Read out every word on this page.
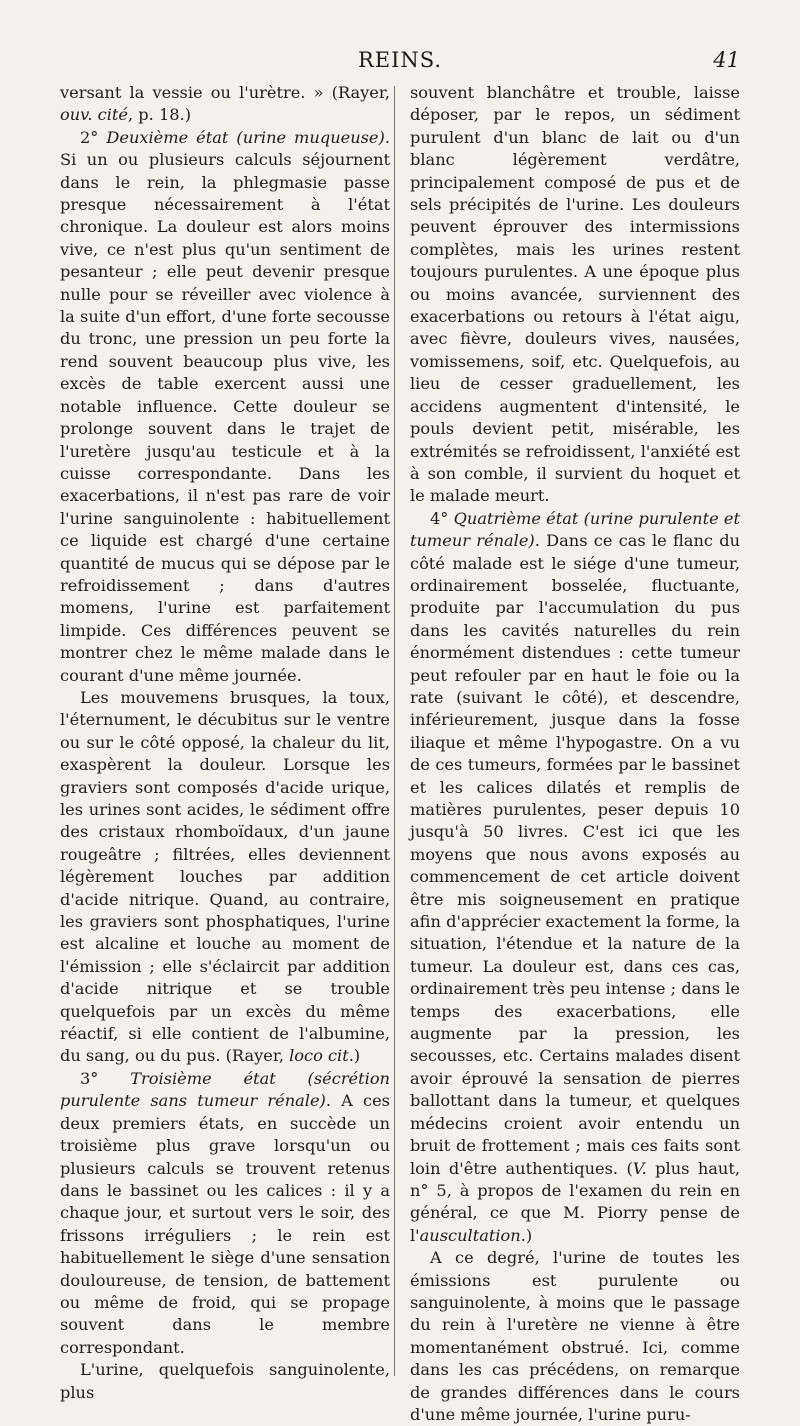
REINS.	41

versant la vessie ou l'urètre. » (Rayer, ouv. cité, p. 18.)

2° Deuxième état (urine muqueuse). Si un ou plusieurs calculs séjournent dans le rein, la phlegmasie passe presque nécessairement à l'état chronique. La douleur est alors moins vive, ce n'est plus qu'un sentiment de pesanteur ; elle peut devenir presque nulle pour se réveiller avec violence à la suite d'un effort, d'une forte secousse du tronc, une pression un peu forte la rend souvent beaucoup plus vive, les excès de table exercent aussi une notable influence. Cette douleur se prolonge souvent dans le trajet de l'uretère jusqu'au testicule et à la cuisse correspondante. Dans les exacerbations, il n'est pas rare de voir l'urine sanguinolente : habituellement ce liquide est chargé d'une certaine quantité de mucus qui se dépose par le refroidissement ; dans d'autres momens, l'urine est parfaitement limpide. Ces différences peuvent se montrer chez le même malade dans le courant d'une même journée.

Les mouvemens brusques, la toux, l'éternument, le décubitus sur le ventre ou sur le côté opposé, la chaleur du lit, exaspèrent la douleur. Lorsque les graviers sont composés d'acide urique, les urines sont acides, le sédiment offre des cristaux rhomboïdaux, d'un jaune rougeâtre ; filtrées, elles deviennent légèrement louches par addition d'acide nitrique. Quand, au contraire, les graviers sont phosphatiques, l'urine est alcaline et louche au moment de l'émission ; elle s'éclaircit par addition d'acide nitrique et se trouble quelquefois par un excès du même réactif, si elle contient de l'albumine, du sang, ou du pus. (Rayer, loco cit.)

3° Troisième état (sécrétion purulente sans tumeur rénale). A ces deux premiers états, en succède un troisième plus grave lorsqu'un ou plusieurs calculs se trouvent retenus dans le bassinet ou les calices : il y a chaque jour, et surtout vers le soir, des frissons irréguliers ; le rein est habituellement le siège d'une sensation douloureuse, de tension, de battement ou même de froid, qui se propage souvent dans le membre correspondant.

L'urine, quelquefois sanguinolente, plus

souvent blanchâtre et trouble, laisse déposer, par le repos, un sédiment purulent d'un blanc de lait ou d'un blanc légèrement verdâtre, principalement composé de pus et de sels précipités de l'urine. Les douleurs peuvent éprouver des intermissions complètes, mais les urines restent toujours purulentes. A une époque plus ou moins avancée, surviennent des exacerbations ou retours à l'état aigu, avec fièvre, douleurs vives, nausées, vomissemens, soif, etc. Quelquefois, au lieu de cesser graduellement, les accidens augmentent d'intensité, le pouls devient petit, misérable, les extrémités se refroidissent, l'anxiété est à son comble, il survient du hoquet et le malade meurt.

4° Quatrième état (urine purulente et tumeur rénale). Dans ce cas le flanc du côté malade est le siége d'une tumeur, ordinairement bosselée, fluctuante, produite par l'accumulation du pus dans les cavités naturelles du rein énormément distendues : cette tumeur peut refouler par en haut le foie ou la rate (suivant le côté), et descendre, inférieurement, jusque dans la fosse iliaque et même l'hypogastre. On a vu de ces tumeurs, formées par le bassinet et les calices dilatés et remplis de matières purulentes, peser depuis 10 jusqu'à 50 livres. C'est ici que les moyens que nous avons exposés au commencement de cet article doivent être mis soigneusement en pratique afin d'apprécier exactement la forme, la situation, l'étendue et la nature de la tumeur. La douleur est, dans ces cas, ordinairement très peu intense ; dans le temps des exacerbations, elle augmente par la pression, les secousses, etc. Certains malades disent avoir éprouvé la sensation de pierres ballottant dans la tumeur, et quelques médecins croient avoir entendu un bruit de frottement ; mais ces faits sont loin d'être authentiques. (V. plus haut, n° 5, à propos de l'examen du rein en général, ce que M. Piorry pense de l'auscultation.)

A ce degré, l'urine de toutes les émissions est purulente ou sanguinolente, à moins que le passage du rein à l'uretère ne vienne à être momentanément obstrué. Ici, comme dans les cas précédens, on remarque de grandes différences dans le cours d'une même journée, l'urine puru-
